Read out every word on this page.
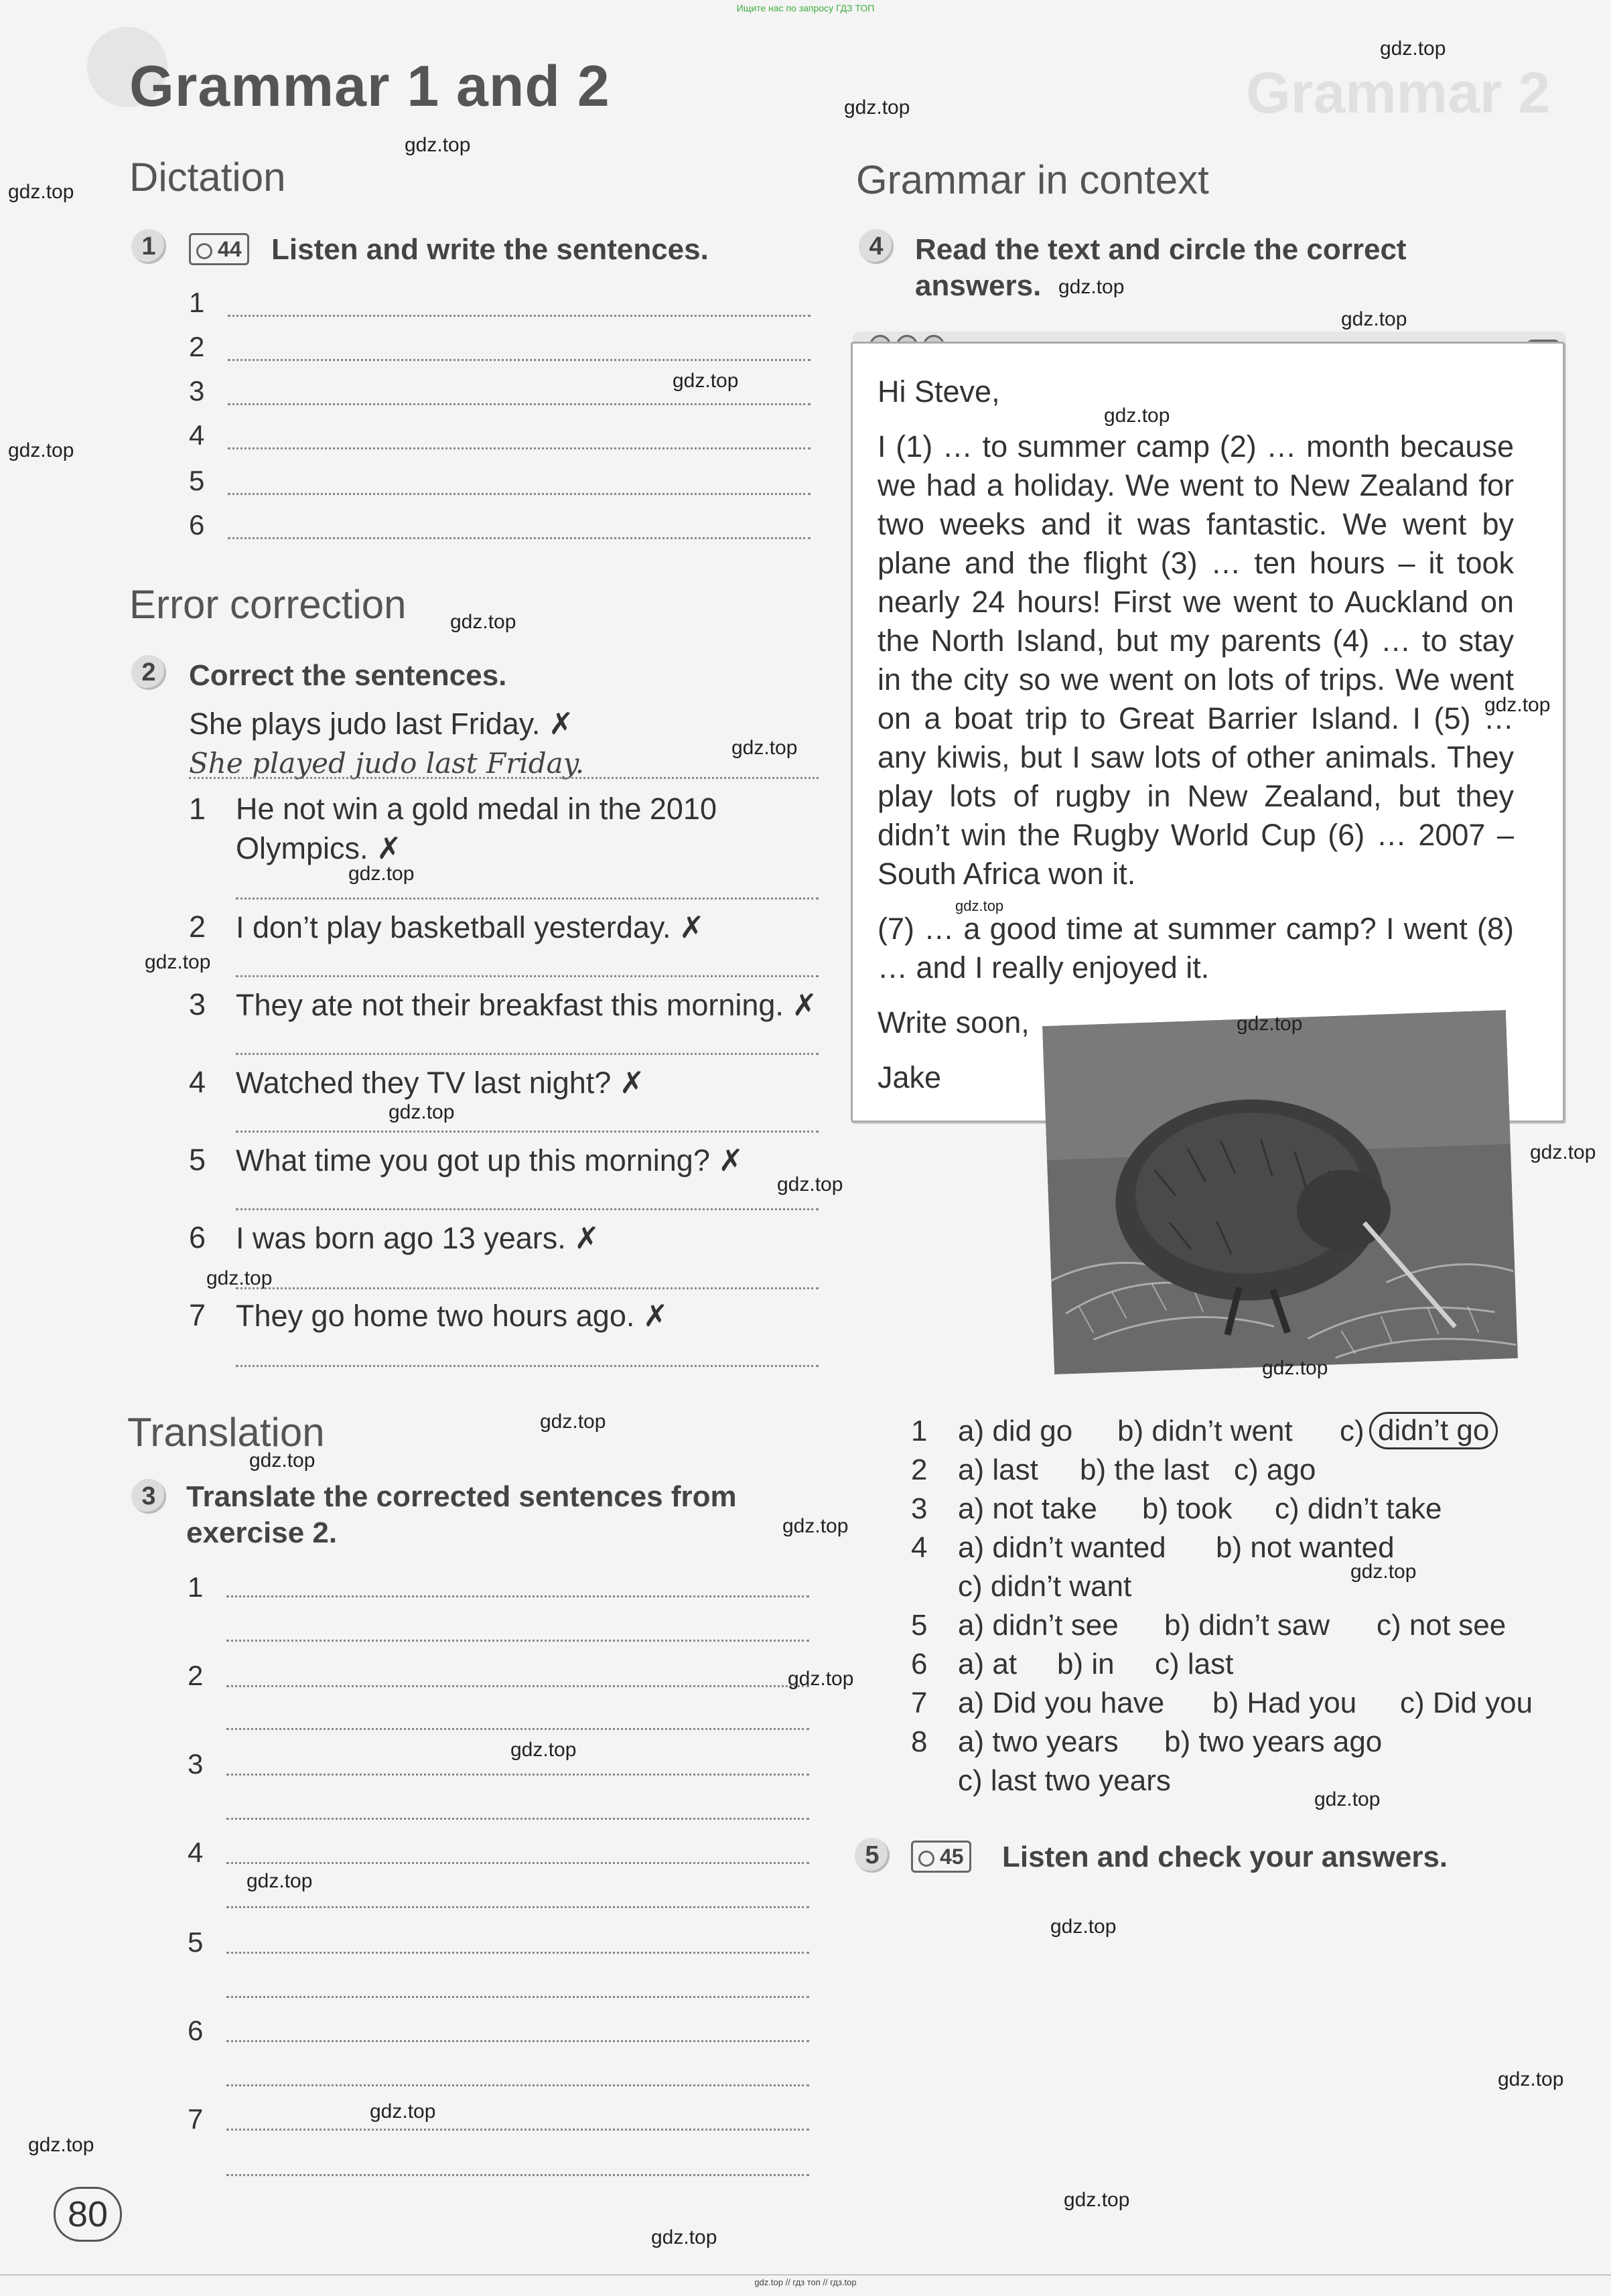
Grammar 2
Ищите нас по запросу ГДЗ ТОП
Grammar 1 and 2
Dictation
1	44 Listen and write the sentences.
1
2
3
4
5
6
Error correction
2	Correct the sentences.
She plays judo last Friday. ✗
She played judo last Friday.
1 He not win a gold medal in the 2010
Olympics. ✗
2 I don’t play basketball yesterday. ✗
3 They ate not their breakfast this morning. ✗
4 Watched they TV last night? ✗
5 What time you got up this morning? ✗
6 I was born ago 13 years. ✗
7 They go home two hours ago. ✗
Translation
3	Translate the corrected sentences from
exercise 2.
1
2
3
4
5
6
7
Grammar in context
4	Read the text and circle the correct
answers.

Hi Steve,

I (1) … to summer camp (2) … month because we had a holiday. We went to New Zealand for two weeks and it was fantastic. We went by plane and the flight (3) … ten hours – it took nearly 24 hours! First we went to Auckland on the North Island, but my parents (4) … to stay in the city so we went on lots of trips. We went on a boat trip to Great Barrier Island. I (5) … any kiwis, but I saw lots of other animals. They play lots of rugby in New Zealand, but they didn’t win the Rugby World Cup (6) … 2007 – South Africa won it.

(7) … a good time at summer camp? I went (8) … and I really enjoyed it.

Write soon,

Jake

1 a) did go b) didn’t went c) didn’t go
2 a) last b) the last c) ago
3 a) not take b) took c) didn’t take
4 a) didn’t wanted b) not wanted
c) didn’t want
5 a) didn’t see b) didn’t saw c) not see
6 a) at b) in c) last
7 a) Did you have b) Had you c) Did you
8 a) two years b) two years ago
c) last two years
5	45 Listen and check your answers.
80
gdz.top
gdz.top
gdz.top
gdz.top
gdz.top
gdz.top
gdz.top
gdz.top
gdz.top
gdz.top
gdz.top
gdz.top
gdz.top
gdz.top
gdz.top
gdz.top
gdz.top
gdz.top
gdz.top
gdz.top
gdz.top
gdz.top
gdz.top
gdz.top
gdz.top
gdz.top
gdz.top
gdz.top
gdz.top
gdz.top
gdz.top
gdz.top
gdz.top
gdz.top
gdz.top
gdz.top // гдз топ // гдз.top
